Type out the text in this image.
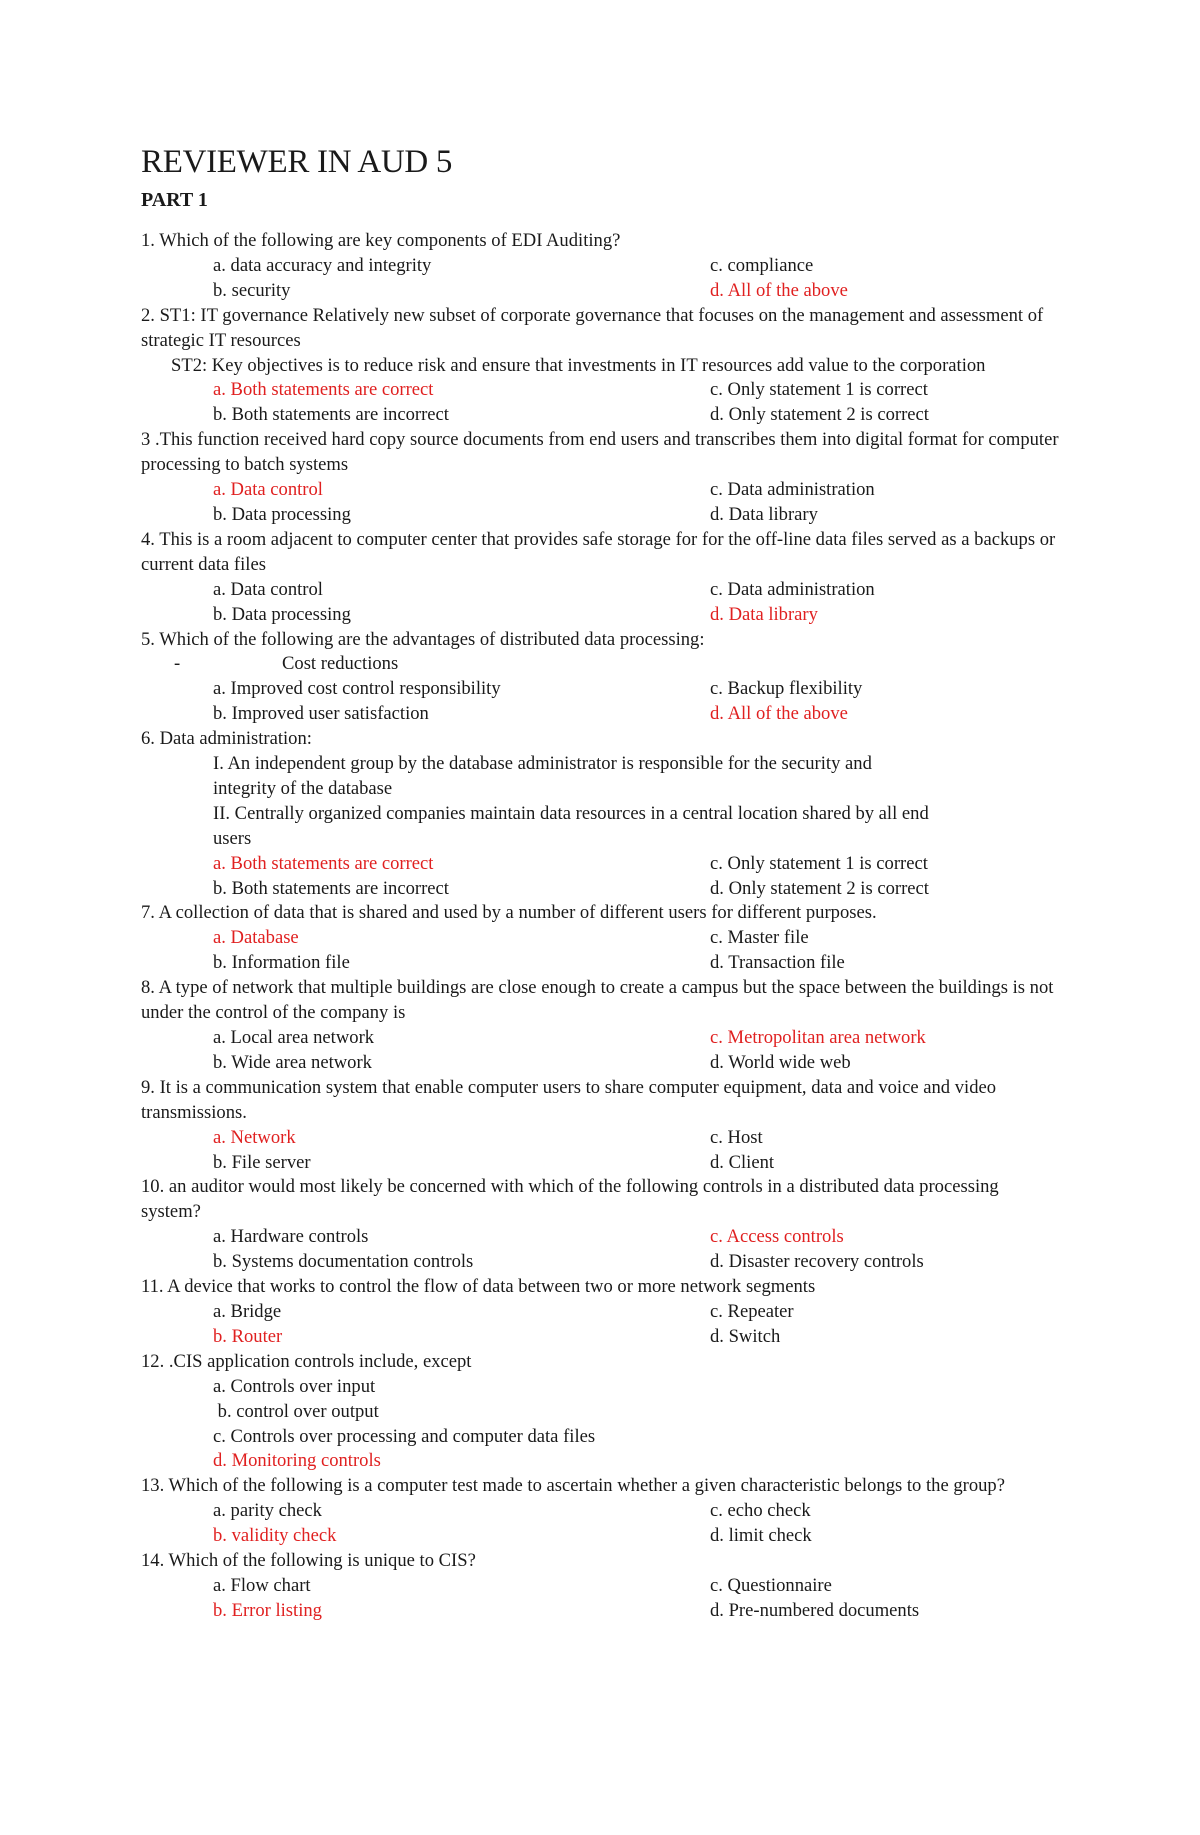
REVIEWER IN AUD 5
PART 1
1. Which of the following are key components of EDI Auditing?
a. data accuracy and integrity	c. compliance
b. security	d. All of the above
2. ST1: IT governance Relatively new subset of corporate governance that focuses on the management and assessment of strategic IT resources
ST2: Key objectives is to reduce risk and ensure that investments in IT resources add value to the corporation
a. Both statements are correct	c. Only statement 1 is correct
b. Both statements are incorrect	d. Only statement 2 is correct
3 .This function received hard copy source documents from end users and transcribes them into digital format for computer processing to batch systems
a. Data control	c. Data administration
b. Data processing	d. Data library
4. This is a room adjacent to computer center that provides safe storage for for the off-line data files served as a backups or current data files
a. Data control	c. Data administration
b. Data processing	d. Data library
5. Which of the following are the advantages of distributed data processing:
-	Cost reductions
a. Improved cost control responsibility	c. Backup flexibility
b. Improved user satisfaction	d. All of the above
6. Data administration:
I. An independent group by the database administrator is responsible for the security and
integrity of the database
II. Centrally organized companies maintain data resources in a central location shared by all end
users
a. Both statements are correct	c. Only statement 1 is correct
b. Both statements are incorrect	d. Only statement 2 is correct
7. A collection of data that is shared and used by a number of different users for different purposes.
a. Database	c. Master file
b. Information file	d. Transaction file
8. A type of network that multiple buildings are close enough to create a campus but the space between the buildings is not under the control of the company is
a. Local area network	c. Metropolitan area network
b. Wide area network	d. World wide web
9. It is a communication system that enable computer users to share computer equipment, data and voice and video transmissions.
a. Network	c. Host
b. File server	d. Client
10. an auditor would most likely be concerned with which of the following controls in a distributed data processing system?
a. Hardware controls	c. Access controls
b. Systems documentation controls	d. Disaster recovery controls
11. A device that works to control the flow of data between two or more network segments
a. Bridge	c. Repeater
b. Router	d. Switch
12. .CIS application controls include, except
a. Controls over input
b. control over output
c. Controls over processing and computer data files
d. Monitoring controls
13. Which of the following is a computer test made to ascertain whether a given characteristic belongs to the group?
a. parity check	c. echo check
b. validity check	d. limit check
14. Which of the following is unique to CIS?
a. Flow chart	c. Questionnaire
b. Error listing	d. Pre-numbered documents
